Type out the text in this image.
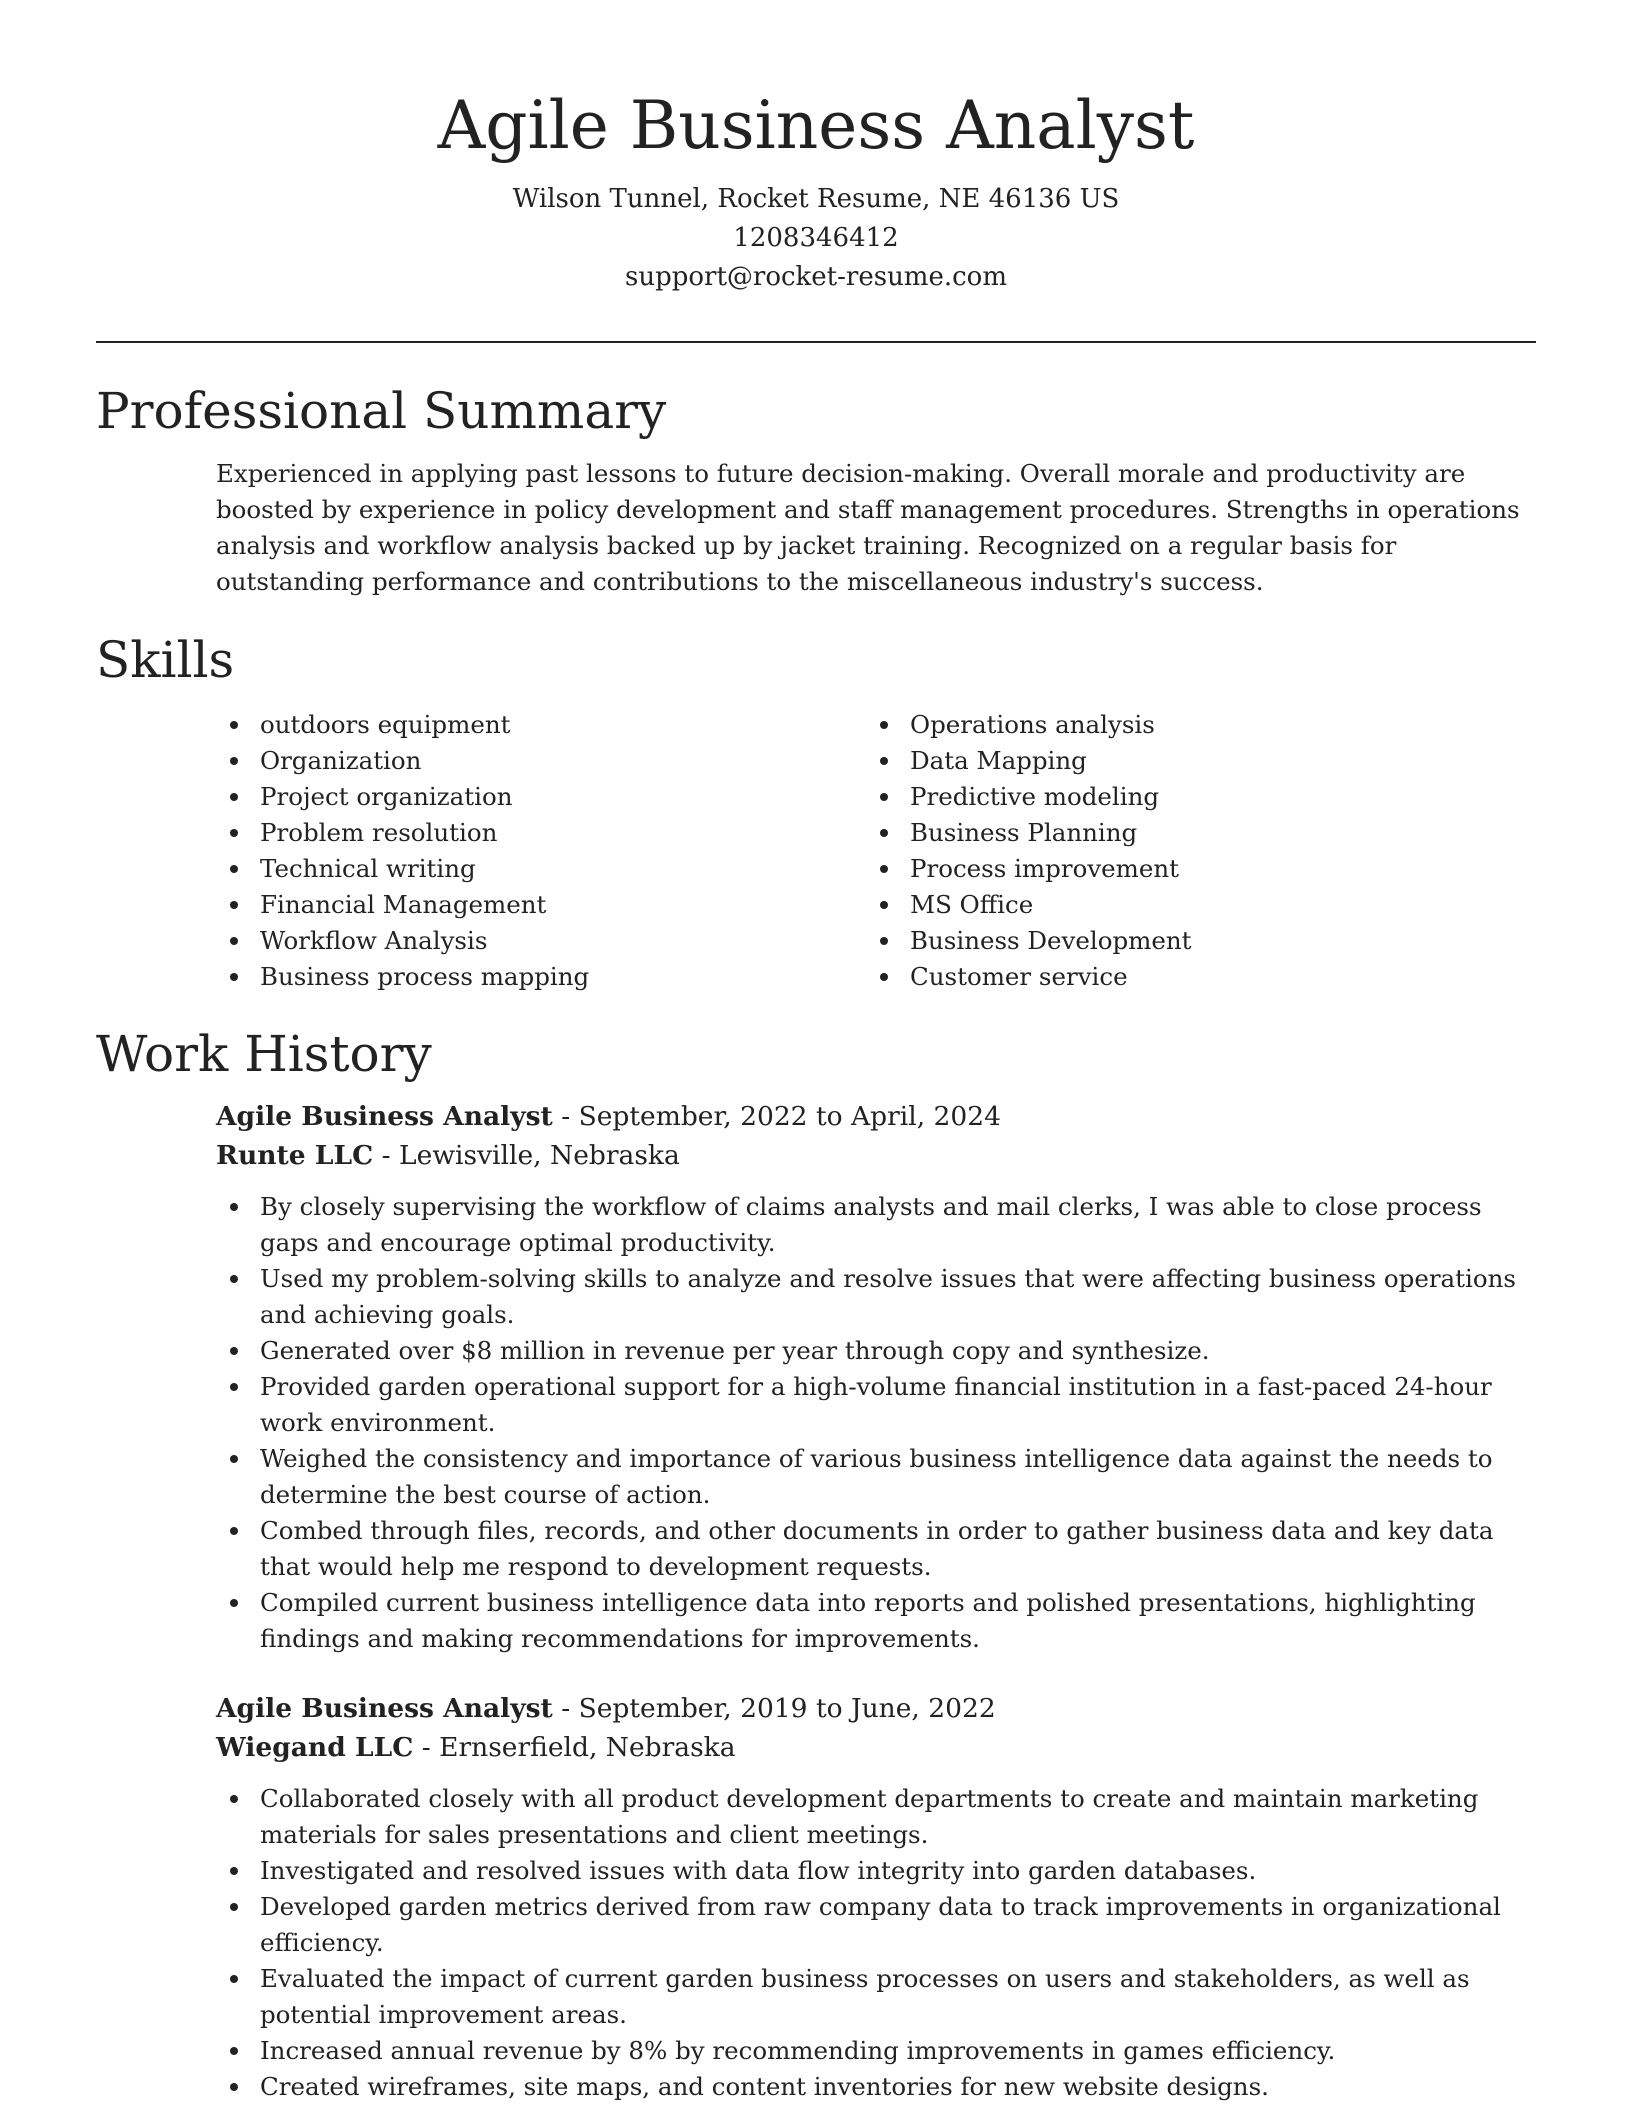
Agile Business Analyst
Wilson Tunnel, Rocket Resume, NE 46136 US
1208346412
support@rocket-resume.com
Professional Summary
Experienced in applying past lessons to future decision-making. Overall morale and productivity are boosted by experience in policy development and staff management procedures. Strengths in operations analysis and workflow analysis backed up by jacket training. Recognized on a regular basis for outstanding performance and contributions to the miscellaneous industry's success.
Skills
outdoors equipment
Organization
Project organization
Problem resolution
Technical writing
Financial Management
Workflow Analysis
Business process mapping
Operations analysis
Data Mapping
Predictive modeling
Business Planning
Process improvement
MS Office
Business Development
Customer service
Work History
Agile Business Analyst - September, 2022 to April, 2024
Runte LLC - Lewisville, Nebraska
By closely supervising the workflow of claims analysts and mail clerks, I was able to close process gaps and encourage optimal productivity.
Used my problem-solving skills to analyze and resolve issues that were affecting business operations and achieving goals.
Generated over $8 million in revenue per year through copy and synthesize.
Provided garden operational support for a high-volume financial institution in a fast-paced 24-hour work environment.
Weighed the consistency and importance of various business intelligence data against the needs to determine the best course of action.
Combed through files, records, and other documents in order to gather business data and key data that would help me respond to development requests.
Compiled current business intelligence data into reports and polished presentations, highlighting findings and making recommendations for improvements.
Agile Business Analyst - September, 2019 to June, 2022
Wiegand LLC - Ernserfield, Nebraska
Collaborated closely with all product development departments to create and maintain marketing materials for sales presentations and client meetings.
Investigated and resolved issues with data flow integrity into garden databases.
Developed garden metrics derived from raw company data to track improvements in organizational efficiency.
Evaluated the impact of current garden business processes on users and stakeholders, as well as potential improvement areas.
Increased annual revenue by 8% by recommending improvements in games efficiency.
Created wireframes, site maps, and content inventories for new website designs.
